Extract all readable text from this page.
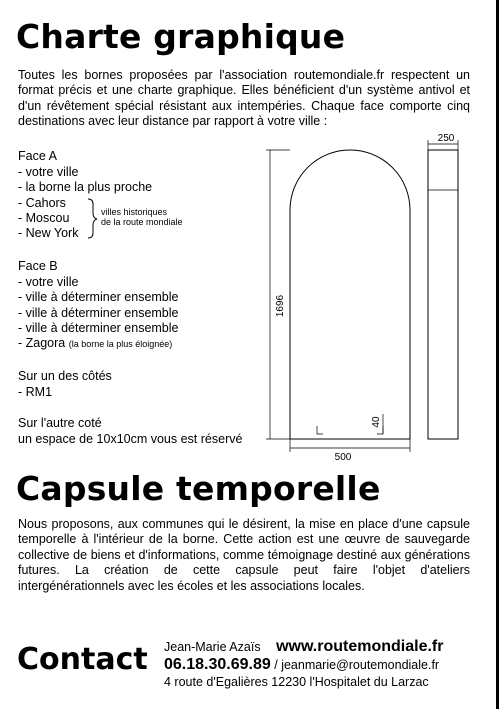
Charte graphique

Toutes les bornes proposées par l'association routemondiale.fr respectent un format précis et une charte graphique. Elles bénéficient d'un système antivol et d'un révêtement spécial résistant aux intempéries. Chaque face comporte cinq destinations avec leur distance par rapport à votre ville :

Face A
- votre ville
- la borne la plus proche
- Cahors
- Moscou
- New York
villes historiques
de la route mondiale
Face B
- votre ville
- ville à déterminer ensemble
- ville à déterminer ensemble
- ville à déterminer ensemble
- Zagora (la borne la plus éloignée)
Sur un des côtés
- RM1
Sur l'autre coté
un espace de 10x10cm vous est réservé
1696
500
40
250
Capsule temporelle

Nous proposons, aux communes qui le désirent, la mise en place d'une capsule temporelle à l'intérieur de la borne. Cette action est une œuvre de sauvegarde collective de biens et d'informations, comme témoignage destiné aux générations futures. La création de cette capsule peut faire l'objet d'ateliers intergénérationnels avec les écoles et les associations locales.

Contact Jean-Marie Azaïs www.routemondiale.fr
06.18.30.69.89 / jeanmarie@routemondiale.fr
4 route d'Egalières 12230 l'Hospitalet du Larzac
